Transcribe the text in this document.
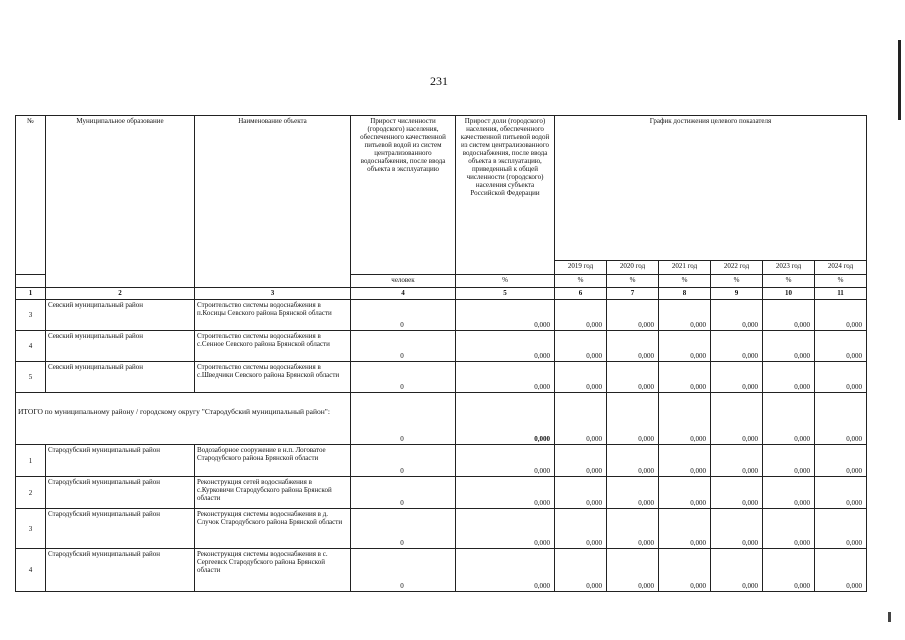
231
№	Муниципальное образование	Наименование объекта	Прирост численности (городского) населения, обеспеченного качественной питьевой водой из систем централизованного водоснабжения, после ввода объекта в эксплуатацию	Прирост доли (городского) населения, обеспеченного качественной питьевой водой из систем централизованного водоснабжения, после ввода объекта в эксплуатацию, приведенный к общей численности (городского) населения субъекта Российской Федерации	График достижения целевого показателя					
					2019 год	2020 год	2021 год	2022 год	2023 год	2024 год
			человек	%	%	%	%	%	%	%
1	2	3	4	5	6	7	8	9	10	11
3	Севский муниципальный район	Строительство системы водоснабжения в п.Косицы Севского района Брянской области	0	0,000	0,000	0,000	0,000	0,000	0,000	0,000
4	Севский муниципальный район	Строительство системы водоснабжения в с.Сенное Севского района Брянской области	0	0,000	0,000	0,000	0,000	0,000	0,000	0,000
5	Севский муниципальный район	Строительство системы водоснабжения в с.Шведчики Севского района Брянской области	0	0,000	0,000	0,000	0,000	0,000	0,000	0,000
ИТОГО по муниципальному району / городскому округу "Стародубский муниципальный район":			0	0,000	0,000	0,000	0,000	0,000	0,000	0,000
1	Стародубский муниципальный район	Водозаборное сооружение в н.п. Логоватое Стародубского района Брянской области	0	0,000	0,000	0,000	0,000	0,000	0,000	0,000
2	Стародубский муниципальный район	Реконструкция сетей водоснабжения в с.Курковичи Стародубского района Брянской области	0	0,000	0,000	0,000	0,000	0,000	0,000	0,000
3	Стародубский муниципальный район	Реконструкция системы водоснабжения в д. Случок Стародубского района Брянской области	0	0,000	0,000	0,000	0,000	0,000	0,000	0,000
4	Стародубский муниципальный район	Реконструкция системы водоснабжения в с. Сергеевск Стародубского района Брянской области	0	0,000	0,000	0,000	0,000	0,000	0,000	0,000
